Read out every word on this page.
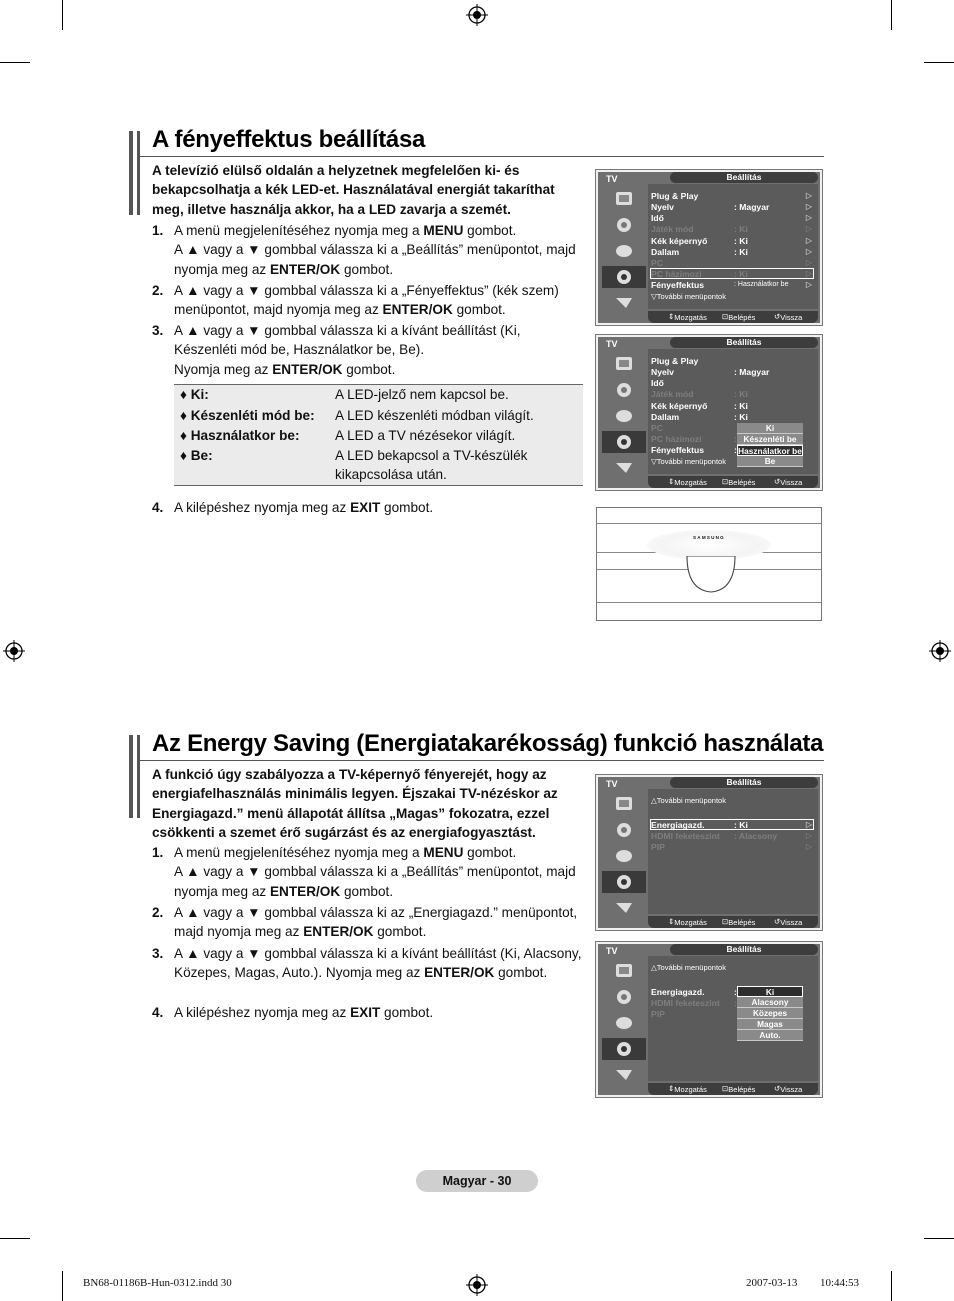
A fényeffektus beállítása
A televízió elülső oldalán a helyzetnek megfelelően ki- és bekapcsolhatja a kék LED-et. Használatával energiát takaríthat meg, illetve használja akkor, ha a LED zavarja a szemét.
1. A menü megjelenítéséhez nyomja meg a MENU gombot.
A ▲ vagy a ▼ gombbal válassza ki a „Beállítás” menüpontot, majd nyomja meg az ENTER/OK gombot.
2. A ▲ vagy a ▼ gombbal válassza ki a „Fényeffektus” (kék szem) menüpontot, majd nyomja meg az ENTER/OK gombot.
3. A ▲ vagy a ▼ gombbal válassza ki a kívánt beállítást (Ki, Készenléti mód be, Használatkor be, Be).
Nyomja meg az ENTER/OK gombot.
♦ Ki:	A LED-jelző nem kapcsol be.
♦ Készenléti mód be: A LED készenléti módban világít.
♦ Használatkor be:	A LED a TV nézésekor világít.
♦ Be:	A LED bekapcsol a TV-készülék kikapcsolása után.
4. A kilépéshez nyomja meg az EXIT gombot.
TV	Beállítás
Plug & Play	▷
Nyelv	: Magyar	▷
Idő	▷
Játék mód	: Ki	▷
Kék képernyő	: Ki	▷
Dallam	: Ki	▷
PC	▷
PC házimozi	: Ki	▷
Fényeffektus	: Használatkor be ▷
▽További menüpontok
⇕ Mozgatás ⊡ Belépés ↺ Vissza
TV	Beállítás
Plug & Play
Nyelv	: Magyar
Idő
Játék mód	: Ki
Kék képernyő	: Ki
Dallam	: Ki
PC
PC házimozi	:
Fényeffektus	:
▽További menüpontok
Ki
Készenléti be
Használatkor be
Be
⇕ Mozgatás ⊡ Belépés ↺ Vissza
SAMSUNG
Az Energy Saving (Energiatakarékosság) funkció használata
A funkció úgy szabályozza a TV-képernyő fényerejét, hogy az energiafelhasználás minimális legyen. Éjszakai TV-nézéskor az Energiagazd.” menü állapotát állítsa „Magas” fokozatra, ezzel csökkenti a szemet érő sugárzást és az energiafogyasztást.
1. A menü megjelenítéséhez nyomja meg a MENU gombot.
A ▲ vagy a ▼ gombbal válassza ki a „Beállítás” menüpontot, majd nyomja meg az ENTER/OK gombot.
2. A ▲ vagy a ▼ gombbal válassza ki az „Energiagazd.” menüpontot, majd nyomja meg az ENTER/OK gombot.
3. A ▲ vagy a ▼ gombbal válassza ki a kívánt beállítást (Ki, Alacsony, Közepes, Magas, Auto.). Nyomja meg az ENTER/OK gombot.
4. A kilépéshez nyomja meg az EXIT gombot.
TV	Beállítás
△További menüpontok
Energiagazd.	: Ki	▷
HDMI feketeszint : Alacsony	▷
PIP	▷
⇕ Mozgatás ⊡ Belépés ↺ Vissza
TV	Beállítás
△További menüpontok
Energiagazd.	:
HDMI feketeszint :
PIP
Ki
Alacsony
Közepes
Magas
Auto.
⇕ Mozgatás ⊡ Belépés ↺ Vissza
Magyar - 30
BN68-01186B-Hun-0312.indd 30	2007-03-13 ￿￿ 10:44:53
